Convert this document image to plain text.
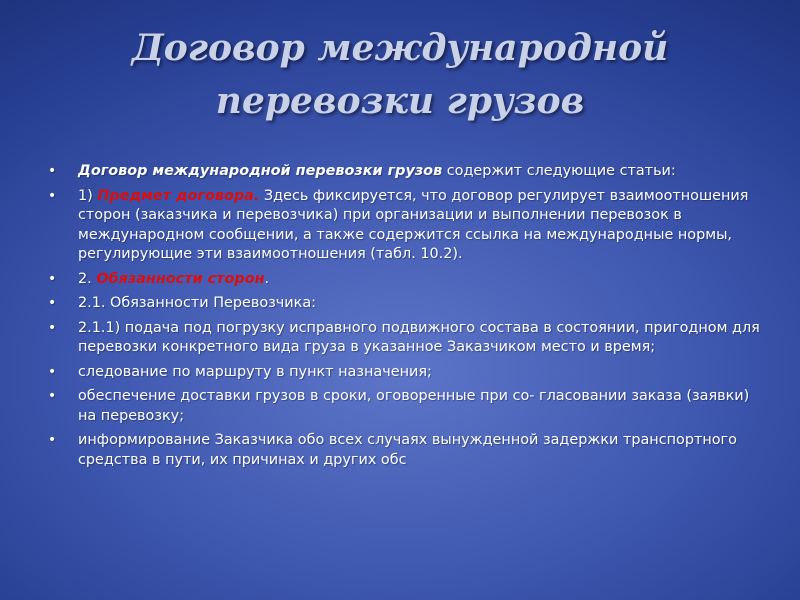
Договор международной
перевозки грузов
• Договор международной перевозки грузов содержит следующие статьи:
• 1) Предмет договора. Здесь фиксируется, что договор регулирует взаимоотношения сторон (заказчика и перевозчика) при организации и выполнении перевозок в международном сообщении, а также содержится ссылка на международные нормы, регулирующие эти взаимоотношения (табл. 10.2).
• 2. Обязанности сторон.
• 2.1. Обязанности Перевозчика:
• 2.1.1) подача под погрузку исправного подвижного состава в состоянии, пригодном для перевозки конкретного вида груза в указанное Заказчиком место и время;
• следование по маршруту в пункт назначения;
• обеспечение доставки грузов в сроки, оговоренные при со- гласовании заказа (заявки) на перевозку;
• информирование Заказчика обо всех случаях вынужденной задержки транспортного средства в пути, их причинах и других обс
